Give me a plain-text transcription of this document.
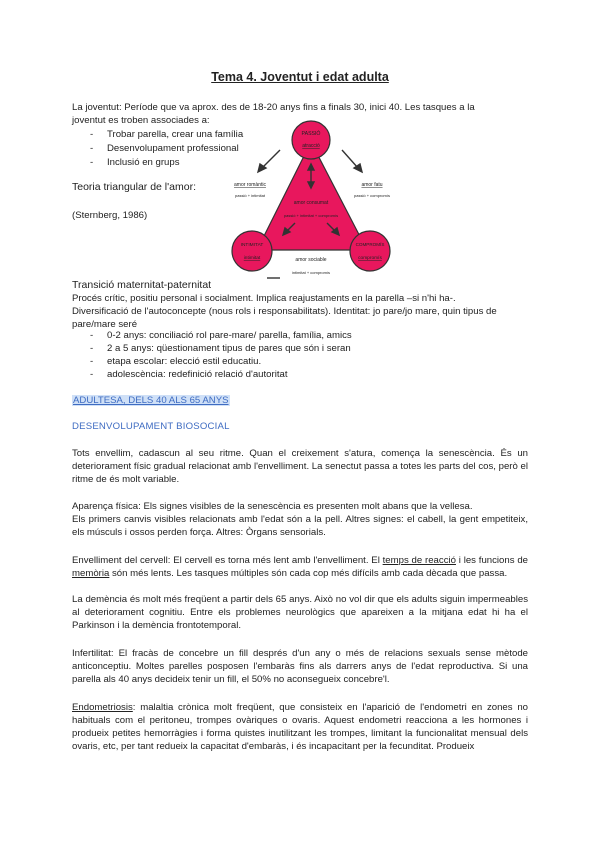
Tema 4. Joventut i edat adulta
La joventut: Període que va aprox. des de 18-20 anys fins a finals 30, inici 40. Les tasques a la
joventut es troben associades a:
- Trobar parella, crear una família
- Desenvolupament professional
- Inclusió en grups
Teoria triangular de l'amor:
(Sternberg, 1986)
PASSIÓ
atracció
INTIMITAT
intimitat
COMPROMÍS
compromís
amor consumat
passió + intimitat + compromís
amor romàntic
passió + intimitat
amor fatu
passió + compromís
amor sociable
intimitat + compromís
Transició maternitat-paternitat
Procés crític, positiu personal i socialment. Implica reajustaments en la parella –si n'hi ha-.
Diversificació de l'autoconcepte (nous rols i responsabilitats). Identitat: jo pare/jo mare, quin tipus de
pare/mare seré
- 0-2 anys: conciliació rol pare-mare/ parella, família, amics
- 2 a 5 anys: qüestionament tipus de pares que són i seran
- etapa escolar: elecció estil educatiu.
- adolescència: redefinició relació d'autoritat
ADULTESA, DELS 40 ALS 65 ANYS
DESENVOLUPAMENT BIOSOCIAL

Tots envellim, cadascun al seu ritme. Quan el creixement s'atura, comença la senescència. És un deteriorament físic gradual relacionat amb l'envelliment. La senectut passa a totes les parts del cos, però el ritme de és molt variable.

Aparença física: Els signes visibles de la senescència es presenten molt abans que la vellesa.

Els primers canvis visibles relacionats amb l'edat són a la pell. Altres signes: el cabell, la gent empetiteix, els músculs i ossos perden força. Altres: Òrgans sensorials.

Envelliment del cervell: El cervell es torna més lent amb l'envelliment. El temps de reacció i les funcions de memòria són més lents. Les tasques múltiples són cada cop més difícils amb cada dècada que passa.

La demència és molt més freqüent a partir dels 65 anys. Això no vol dir que els adults siguin impermeables al deteriorament cognitiu. Entre els problemes neurològics que apareixen a la mitjana edat hi ha el Parkinson i la demència frontotemporal.

Infertilitat: El fracàs de concebre un fill després d'un any o més de relacions sexuals sense mètode anticonceptiu. Moltes parelles posposen l'embaràs fins als darrers anys de l'edat reproductiva. Si una parella als 40 anys decideix tenir un fill, el 50% no aconsegueix concebre'l.

Endometriosis: malaltia crònica molt freqüent, que consisteix en l'aparició de l'endometri en zones no habituals com el peritoneu, trompes ovàriques o ovaris. Aquest endometri reacciona a les hormones i produeix petites hemorràgies i forma quistes inutilitzant les trompes, limitant la funcionalitat mensual dels ovaris, etc, per tant redueix la capacitat d'embaràs, i és incapacitant per la fecunditat. Produeix
